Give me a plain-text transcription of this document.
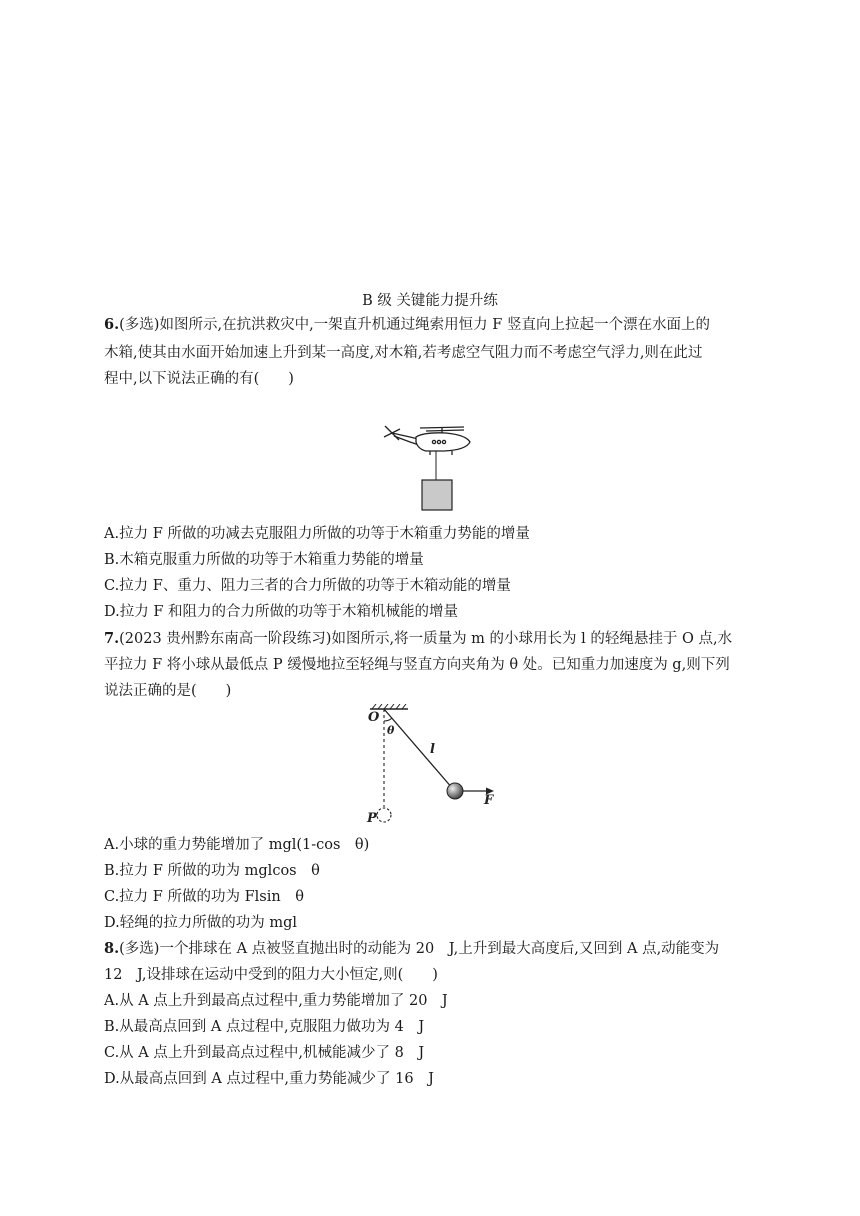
B 级 关键能力提升练
6.(多选)如图所示,在抗洪救灾中,一架直升机通过绳索用恒力 F 竖直向上拉起一个漂在水面上的
木箱,使其由水面开始加速上升到某一高度,对木箱,若考虑空气阻力而不考虑空气浮力,则在此过
程中,以下说法正确的有(　　)
A.拉力 F 所做的功减去克服阻力所做的功等于木箱重力势能的增量
B.木箱克服重力所做的功等于木箱重力势能的增量
C.拉力 F、重力、阻力三者的合力所做的功等于木箱动能的增量
D.拉力 F 和阻力的合力所做的功等于木箱机械能的增量
7.(2023 贵州黔东南高一阶段练习)如图所示,将一质量为 m 的小球用长为 l 的轻绳悬挂于 O 点,水
平拉力 F 将小球从最低点 P 缓慢地拉至轻绳与竖直方向夹角为 θ 处。已知重力加速度为 g,则下列
说法正确的是(　　)
O
θ
l
P
F
A.小球的重力势能增加了 mgl(1-cos　θ)
B.拉力 F 所做的功为 mglcos　θ
C.拉力 F 所做的功为 Flsin　θ
D.轻绳的拉力所做的功为 mgl
8.(多选)一个排球在 A 点被竖直抛出时的动能为 20　J,上升到最大高度后,又回到 A 点,动能变为
12　J,设排球在运动中受到的阻力大小恒定,则(　　)
A.从 A 点上升到最高点过程中,重力势能增加了 20　J
B.从最高点回到 A 点过程中,克服阻力做功为 4　J
C.从 A 点上升到最高点过程中,机械能减少了 8　J
D.从最高点回到 A 点过程中,重力势能减少了 16　J
